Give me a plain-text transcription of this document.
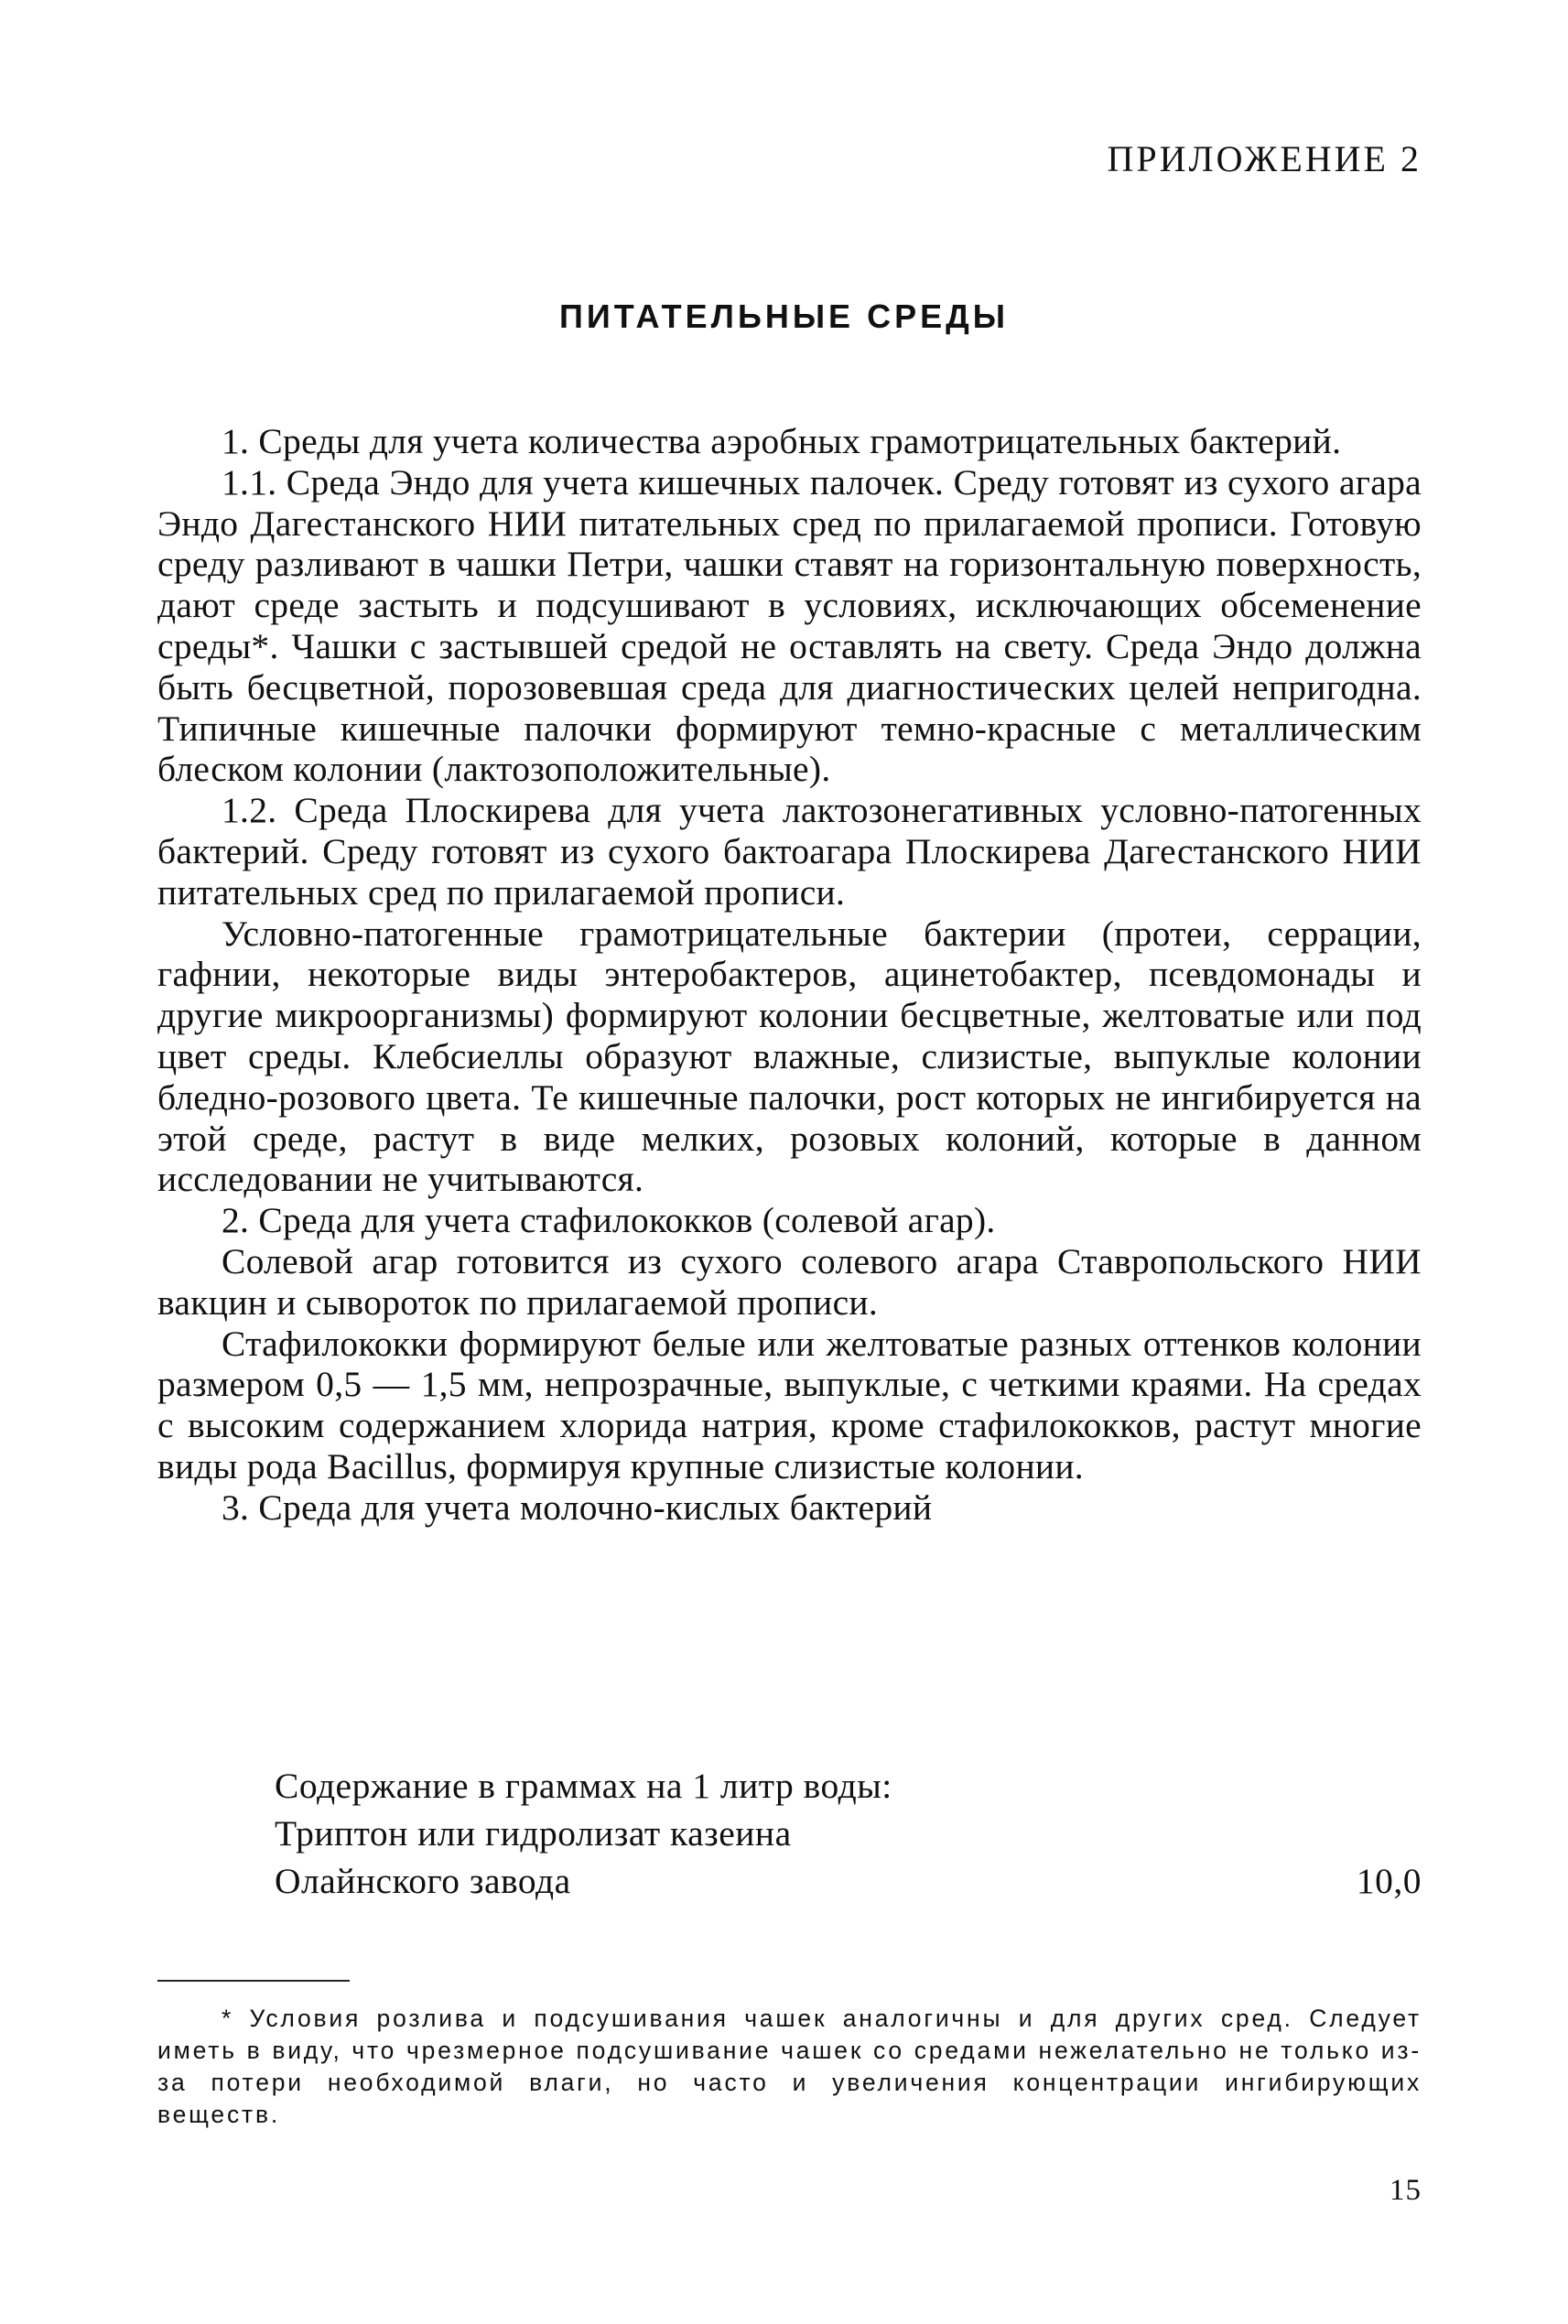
ПРИЛОЖЕНИЕ 2
ПИТАТЕЛЬНЫЕ СРЕДЫ

1. Среды для учета количества аэробных грамотрицательных бактерий.

1.1. Среда Эндо для учета кишечных палочек. Среду готовят из сухого агара Эндо Дагестанского НИИ питательных сред по прилагаемой прописи. Готовую среду разливают в чашки Петри, чашки ставят на горизонтальную поверхность, дают среде застыть и подсушивают в условиях, исключающих обсеменение среды*. Чашки с застывшей средой не оставлять на свету. Среда Эндо должна быть бесцветной, порозовевшая среда для диагностических целей непригодна. Типичные кишечные палочки формируют темно-красные с металлическим блеском колонии (лактозоположительные).

1.2. Среда Плоскирева для учета лактозонегативных условно-патогенных бактерий. Среду готовят из сухого бактоагара Плоскирева Дагестанского НИИ питательных сред по прилагаемой прописи.

Условно-патогенные грамотрицательные бактерии (протеи, серрации, гафнии, некоторые виды энтеробактеров, ацинетобактер, псевдомонады и другие микроорганизмы) формируют колонии бесцветные, желтоватые или под цвет среды. Клебсиеллы образуют влажные, слизистые, выпуклые колонии бледно-розового цвета. Те кишечные палочки, рост которых не ингибируется на этой среде, растут в виде мелких, розовых колоний, которые в данном исследовании не учитываются.

2. Среда для учета стафилококков (солевой агар).

Солевой агар готовится из сухого солевого агара Ставропольского НИИ вакцин и сывороток по прилагаемой прописи.

Стафилококки формируют белые или желтоватые разных оттенков колонии размером 0,5 — 1,5 мм, непрозрачные, выпуклые, с четкими краями. На средах с высоким содержанием хлорида натрия, кроме стафилококков, растут многие виды рода Bacillus, формируя крупные слизистые колонии.

3. Среда для учета молочно-кислых бактерий

Содержание в граммах на 1 литр воды:
Триптон или гидролизат казеина
Олайнского завода	10,0

* Условия розлива и подсушивания чашек аналогичны и для других сред. Следует иметь в виду, что чрезмерное подсушивание чашек со средами нежелательно не только из-за потери необходимой влаги, но часто и увеличения концентрации ингибирующих веществ.

15
